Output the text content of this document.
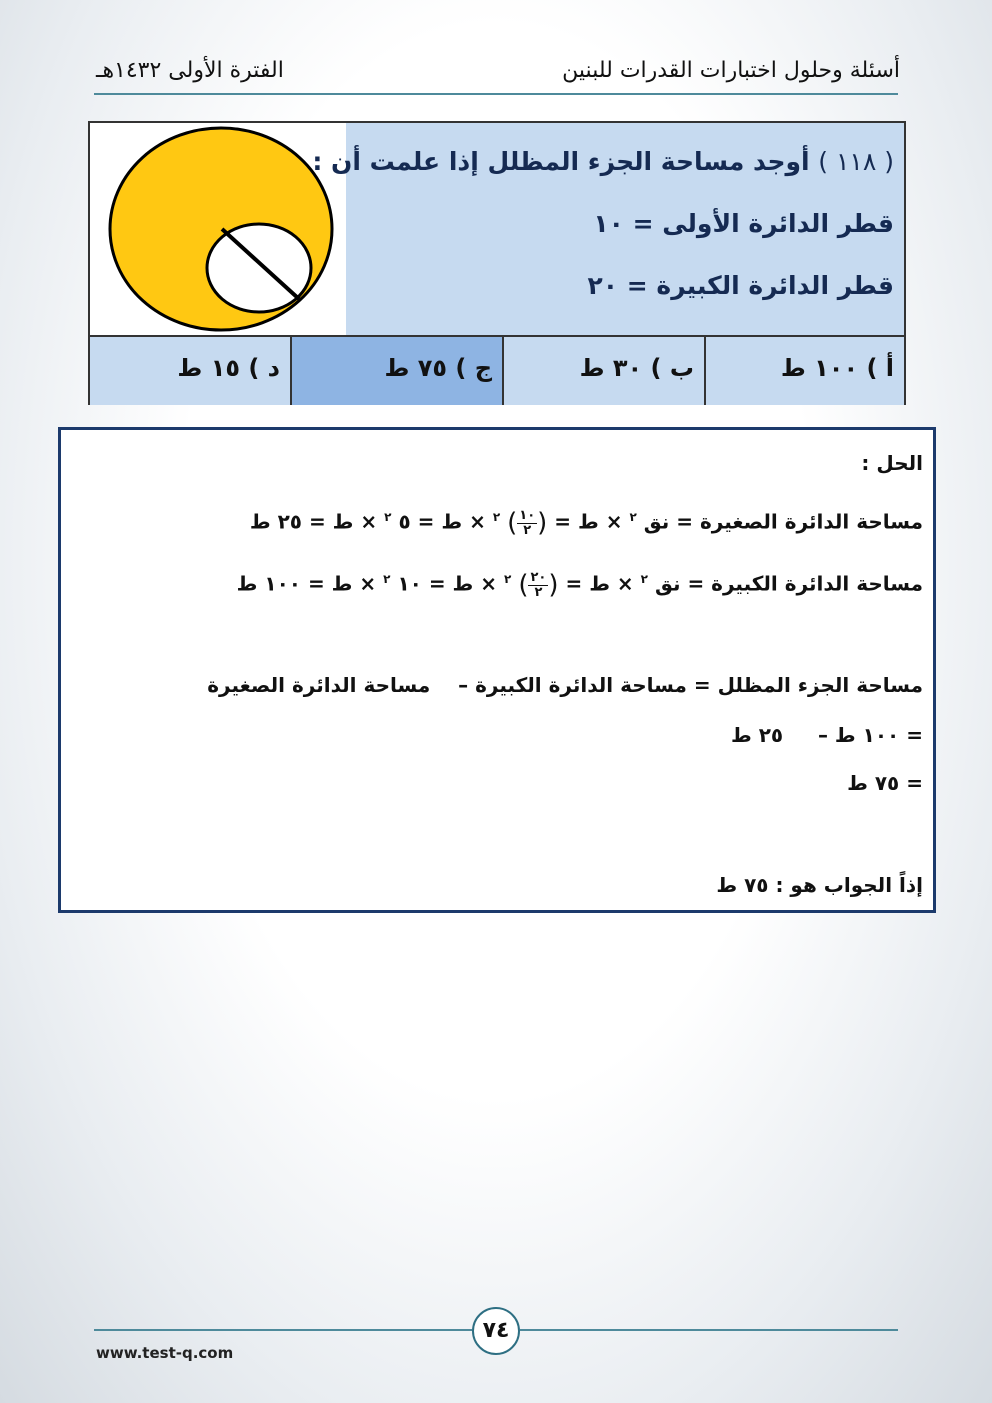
أسئلة وحلول اختبارات القدرات للبنين
الفترة الأولى ١٤٣٢هـ
( ١١٨ ) أوجد مساحة الجزء المظلل إذا علمت أن :
قطر الدائرة الأولى = ١٠
قطر الدائرة الكبيرة = ٢٠
أ ) ١٠٠ ط
ب ) ٣٠ ط
ج ) ٧٥ ط
د ) ١٥ ط
الحل :
مساحة الدائرة الصغيرة = نق $^٢$ × ط = (
$\frac{١٠}{٢}$
) $^٢$ × ط = ٥ $^٢$ × ط = ٢٥ ط
مساحة الدائرة الكبيرة = نق $^٢$ × ط = (
$\frac{٢٠}{٢}$
) $^٢$ × ط = ١٠ $^٢$ × ط = ١٠٠ ط
مساحة الجزء المظلل = مساحة الدائرة الكبيرة –    مساحة الدائرة الصغيرة
= ١٠٠ ط –     ٢٥ ط
= ٧٥ ط
إذاً الجواب هو : ٧٥ ط
٧٤
www.test-q.com
